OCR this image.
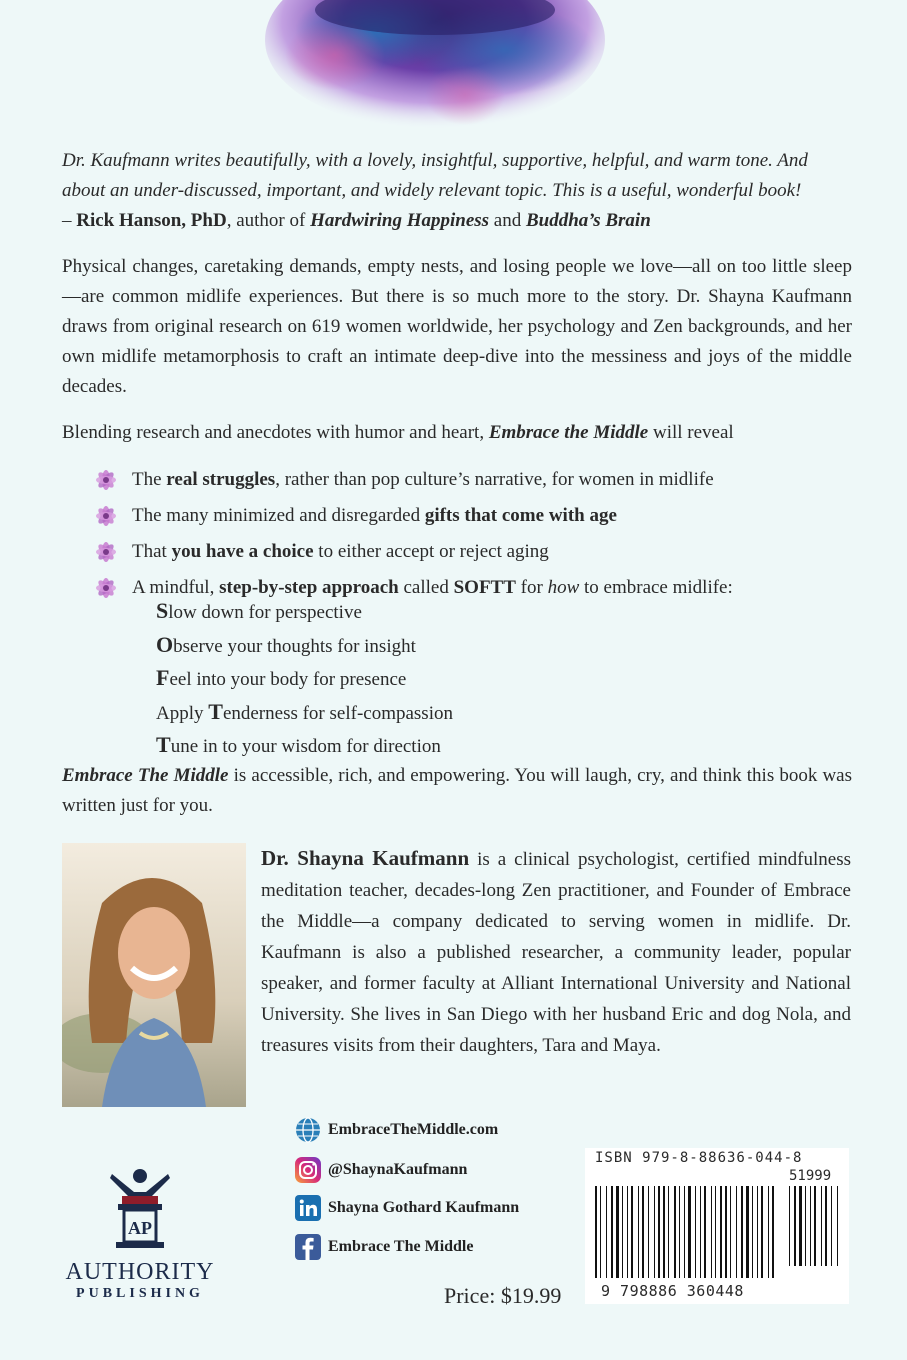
Dr. Kaufmann writes beautifully, with a lovely, insightful, supportive, helpful, and warm tone. And

about an under-discussed, important, and widely relevant topic. This is a useful, wonderful book!

– Rick Hanson, PhD, author of Hardwiring Happiness and Buddha’s Brain

Physical changes, caretaking demands, empty nests, and losing people we love—all on too little sleep—are common midlife experiences. But there is so much more to the story. Dr. Shayna Kaufmann draws from original research on 619 women worldwide, her psychology and Zen backgrounds, and her own midlife metamorphosis to craft an intimate deep-dive into the messiness and joys of the middle decades.

Blending research and anecdotes with humor and heart, Embrace the Middle will reveal

The real struggles, rather than pop culture’s narrative, for women in midlife
The many minimized and disregarded gifts that come with age
That you have a choice to either accept or reject aging
A mindful, step-by-step approach called SOFTT for how to embrace midlife:
Slow down for perspective
Observe your thoughts for insight
Feel into your body for presence
Apply Tenderness for self-compassion
Tune in to your wisdom for direction

Embrace The Middle is accessible, rich, and empowering. You will laugh, cry, and think this book was written just for you.

Dr. Shayna Kaufmann is a clinical psychologist, certified mindfulness meditation teacher, decades-long Zen practitioner, and Founder of Embrace the Middle—a company dedicated to serving women in midlife. Dr. Kaufmann is also a published researcher, a community leader, popular speaker, and former faculty at Alliant International University and National University. She lives in San Diego with her husband Eric and dog Nola, and treasures visits from their daughters, Tara and Maya.

EmbraceTheMiddle.com
@ShaynaKaufmann
Shayna Gothard Kaufmann
Embrace The Middle
AP
AUTHORITY
PUBLISHING	Price: $19.99
ISBN 979-8-88636-044-8
51999
9 798886 360448
